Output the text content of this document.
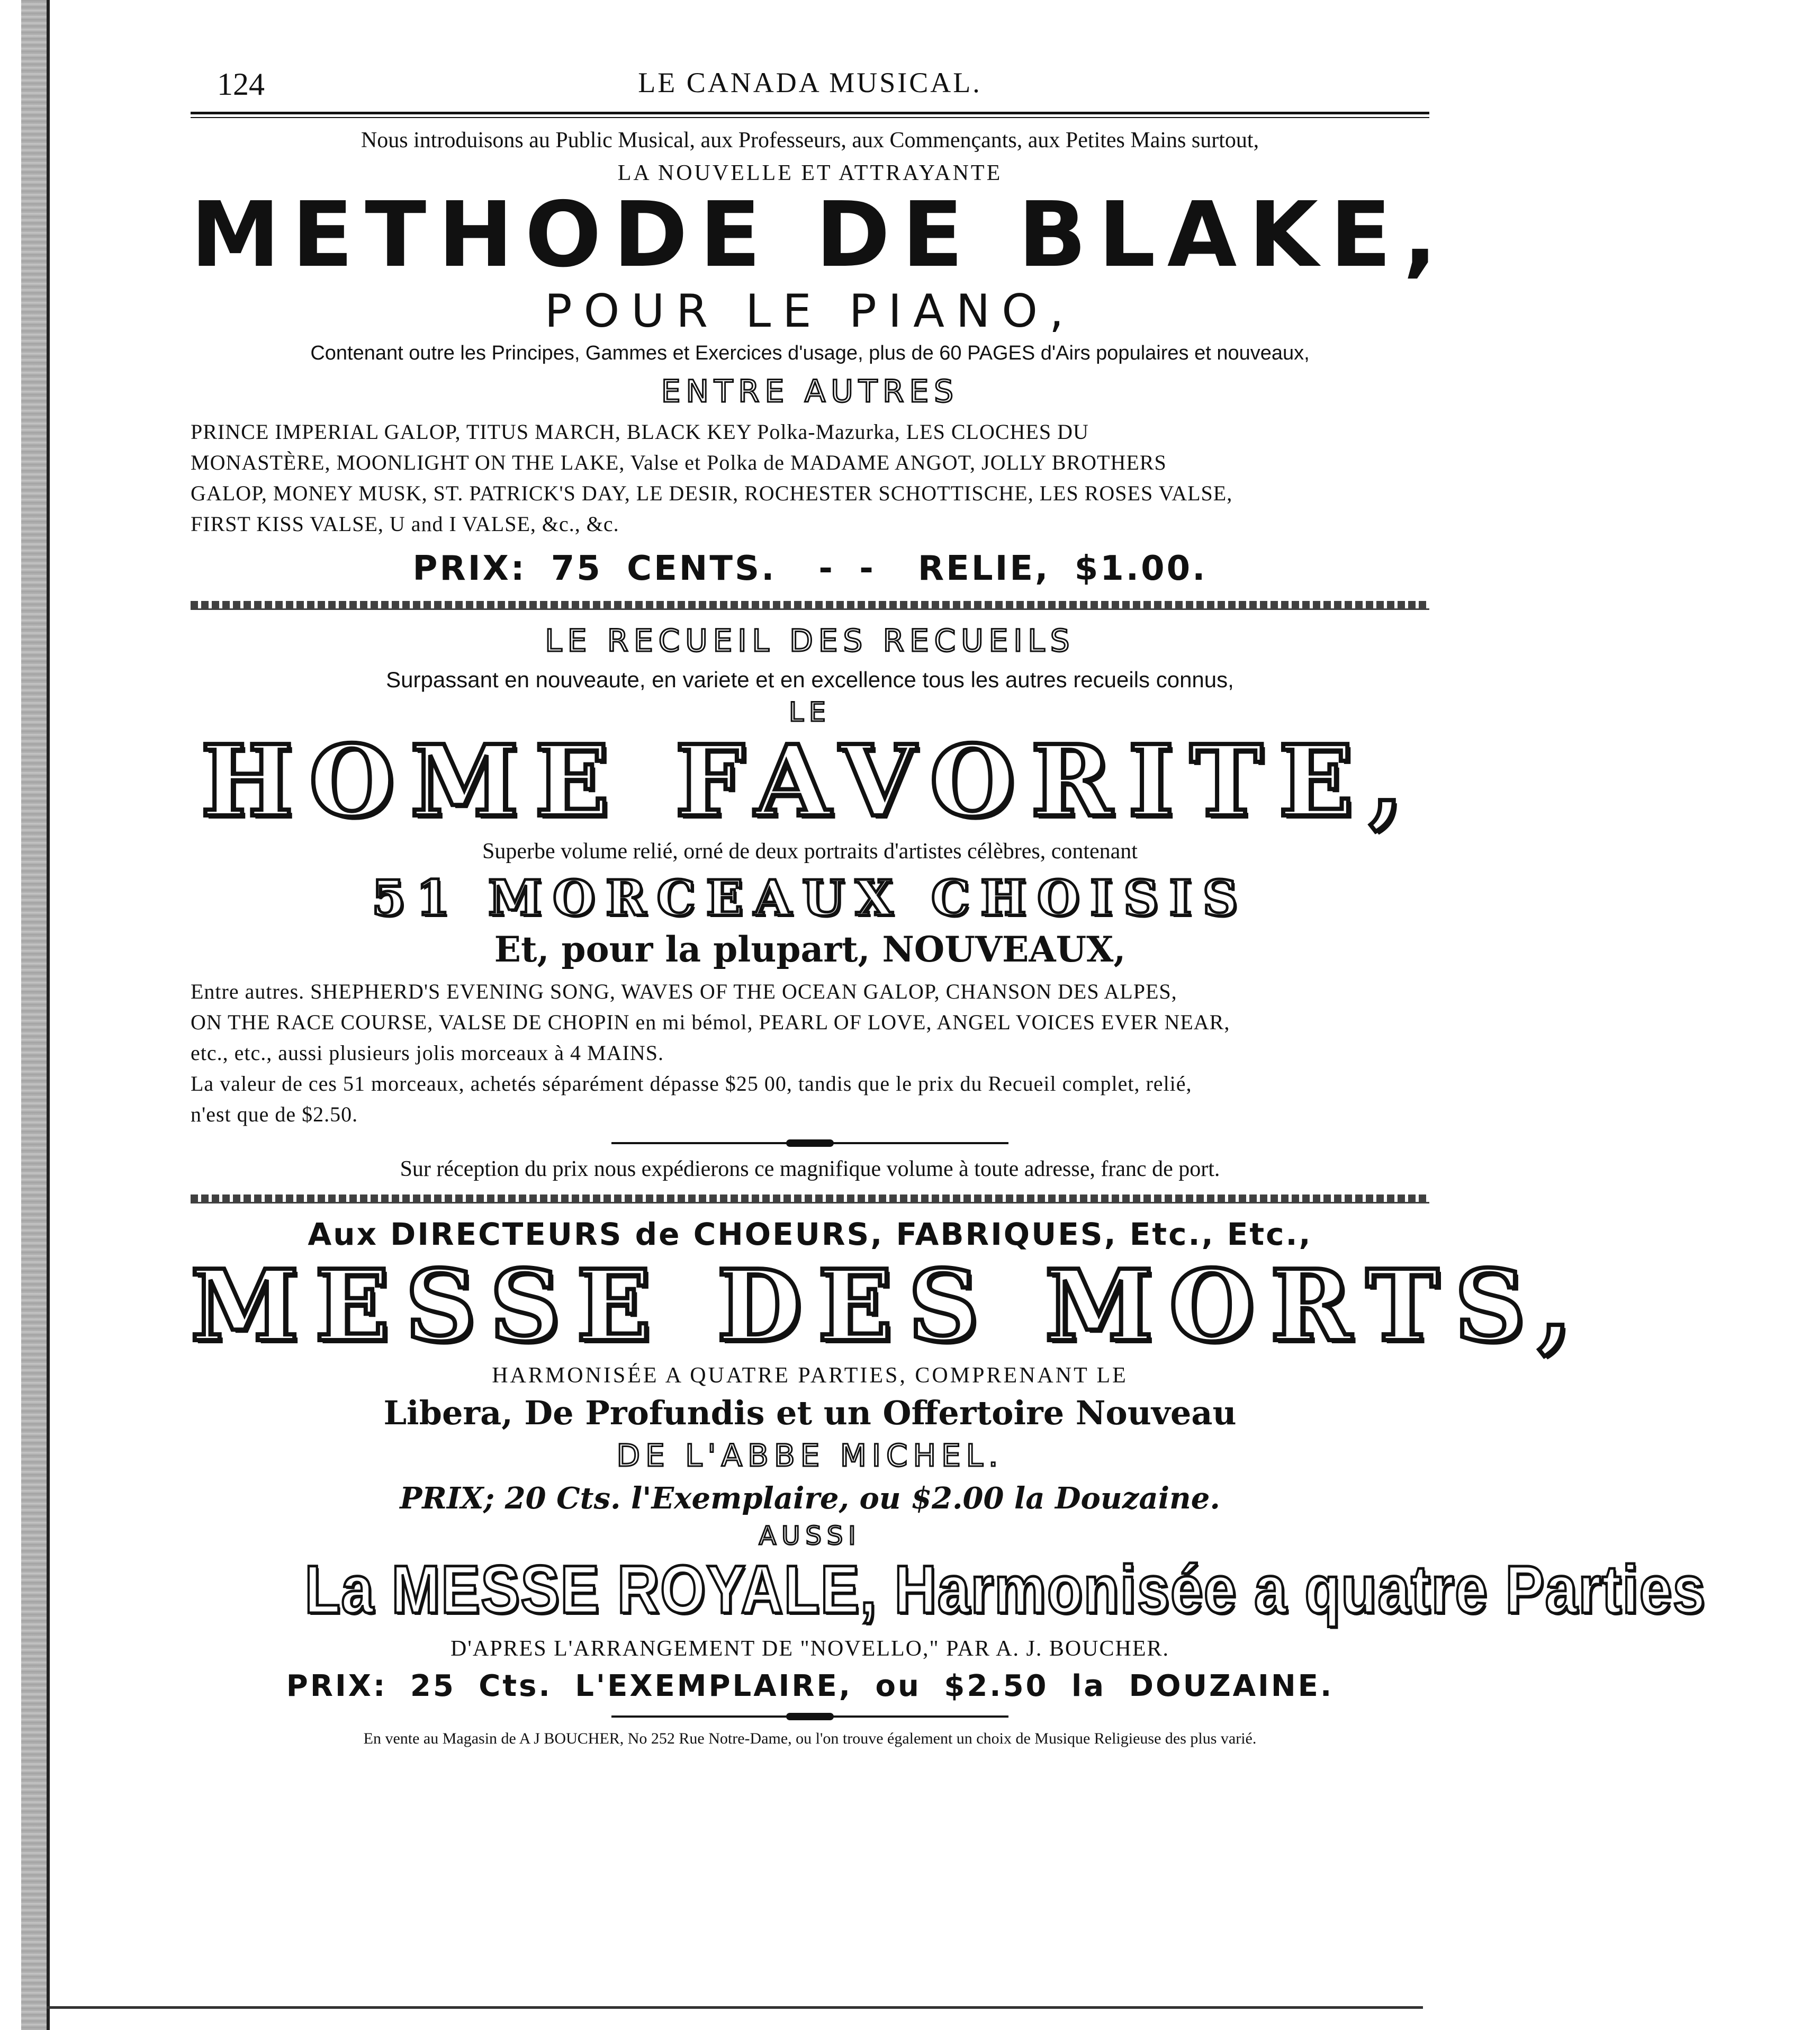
124	LE CANADA MUSICAL.
Nous introduisons au Public Musical, aux Professeurs, aux Commençants, aux Petites Mains surtout,
LA NOUVELLE ET ATTRAYANTE
METHODE DE BLAKE,
POUR LE PIANO,
Contenant outre les Principes, Gammes et Exercices d'usage, plus de 60 PAGES d'Airs populaires et nouveaux,
ENTRE AUTRES
PRINCE IMPERIAL GALOP, TITUS MARCH, BLACK KEY Polka-Mazurka, LES CLOCHES DU
MONASTÈRE, MOONLIGHT ON THE LAKE, Valse et Polka de MADAME ANGOT, JOLLY BROTHERS
GALOP, MONEY MUSK, ST. PATRICK'S DAY, LE DESIR, ROCHESTER SCHOTTISCHE, LES ROSES VALSE,
FIRST KISS VALSE, U and I VALSE, &c., &c.
PRIX: 75 CENTS. - - RELIE, $1.00.
LE RECUEIL DES RECUEILS
Surpassant en nouveaute, en variete et en excellence tous les autres recueils connus,
LE
HOME FAVORITE,
Superbe volume relié, orné de deux portraits d'artistes célèbres, contenant
51 MORCEAUX CHOISIS
Et, pour la plupart, NOUVEAUX,
Entre autres. SHEPHERD'S EVENING SONG, WAVES OF THE OCEAN GALOP, CHANSON DES ALPES,
ON THE RACE COURSE, VALSE DE CHOPIN en mi bémol, PEARL OF LOVE, ANGEL VOICES EVER NEAR,
etc., etc., aussi plusieurs jolis morceaux à 4 MAINS.
La valeur de ces 51 morceaux, achetés séparément dépasse $25 00, tandis que le prix du Recueil complet, relié,
n'est que de $2.50.
Sur réception du prix nous expédierons ce magnifique volume à toute adresse, franc de port.
Aux DIRECTEURS de CHOEURS, FABRIQUES, Etc., Etc.,
MESSE DES MORTS,
HARMONISÉE A QUATRE PARTIES, COMPRENANT LE
Libera, De Profundis et un Offertoire Nouveau
DE L'ABBE MICHEL.
PRIX; 20 Cts. l'Exemplaire, ou $2.00 la Douzaine.
AUSSI
La MESSE ROYALE, Harmonisée a quatre Parties
D'APRES L'ARRANGEMENT DE "NOVELLO," PAR A. J. BOUCHER.
PRIX: 25 Cts. L'EXEMPLAIRE, ou $2.50 la DOUZAINE.
En vente au Magasin de A J BOUCHER, No 252 Rue Notre-Dame, ou l'on trouve également un choix de Musique Religieuse des plus varié.
